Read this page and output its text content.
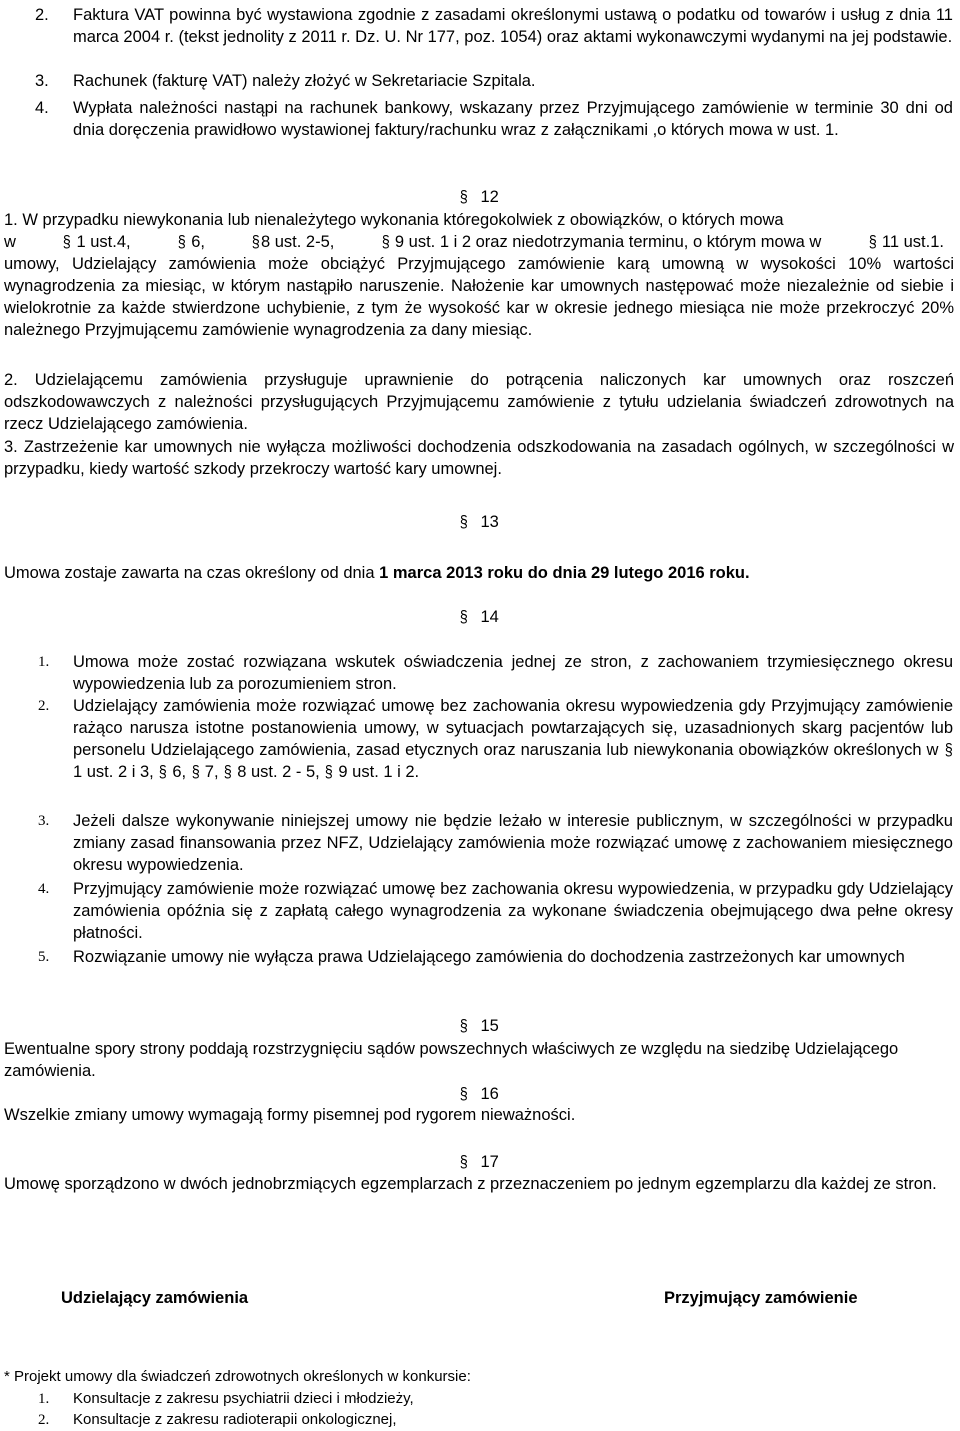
2. Faktura VAT powinna być wystawiona zgodnie z zasadami określonymi ustawą o podatku od towarów i usług z dnia 11 marca 2004 r. (tekst jednolity z 2011 r. Dz. U. Nr 177, poz. 1054) oraz aktami wykonawczymi wydanymi na jej podstawie.
3. Rachunek (fakturę VAT) należy złożyć w Sekretariacie Szpitala.
4. Wypłata należności nastąpi na rachunek bankowy, wskazany przez Przyjmującego zamówienie w terminie 30 dni od dnia doręczenia prawidłowo wystawionej faktury/rachunku wraz z załącznikami ,o których mowa w ust. 1.
§ 12
1. W przypadku niewykonania lub nienależytego wykonania któregokolwiek z obowiązków, o których mowa
w	§ 1 ust.4,	§ 6,	§8 ust. 2-5,	§ 9 ust. 1 i 2 oraz niedotrzymania terminu, o którym mowa w	§ 11 ust.1.
umowy, Udzielający zamówienia może obciążyć Przyjmującego zamówienie karą umowną w wysokości 10% wartości wynagrodzenia za miesiąc, w którym nastąpiło naruszenie. Nałożenie kar umownych następować może niezależnie od siebie i wielokrotnie za każde stwierdzone uchybienie, z tym że wysokość kar w okresie jednego miesiąca nie może przekroczyć 20% należnego Przyjmującemu zamówienie wynagrodzenia za dany miesiąc.
2. Udzielającemu zamówienia przysługuje uprawnienie do potrącenia naliczonych kar umownych oraz roszczeń odszkodowawczych z należności przysługujących Przyjmującemu zamówienie z tytułu udzielania świadczeń zdrowotnych na rzecz Udzielającego zamówienia.
3. Zastrzeżenie kar umownych nie wyłącza możliwości dochodzenia odszkodowania na zasadach ogólnych, w szczególności w przypadku, kiedy wartość szkody przekroczy wartość kary umownej.
§ 13
Umowa zostaje zawarta na czas określony od dnia 1 marca 2013 roku do dnia 29 lutego 2016 roku.
§ 14
1. Umowa może zostać rozwiązana wskutek oświadczenia jednej ze stron, z zachowaniem trzymiesięcznego okresu wypowiedzenia lub za porozumieniem stron.
2. Udzielający zamówienia może rozwiązać umowę bez zachowania okresu wypowiedzenia gdy Przyjmujący zamówienie rażąco narusza istotne postanowienia umowy, w sytuacjach powtarzających się, uzasadnionych skarg pacjentów lub personelu Udzielającego zamówienia, zasad etycznych oraz naruszania lub niewykonania obowiązków określonych w § 1 ust. 2 i 3, § 6, § 7, § 8 ust. 2 - 5, § 9 ust. 1 i 2.
3. Jeżeli dalsze wykonywanie niniejszej umowy nie będzie leżało w interesie publicznym, w szczególności w przypadku zmiany zasad finansowania przez NFZ, Udzielający zamówienia może rozwiązać umowę z zachowaniem miesięcznego okresu wypowiedzenia.
4. Przyjmujący zamówienie może rozwiązać umowę bez zachowania okresu wypowiedzenia, w przypadku gdy Udzielający zamówienia opóźnia się z zapłatą całego wynagrodzenia za wykonane świadczenia obejmującego dwa pełne okresy płatności.
5. Rozwiązanie umowy nie wyłącza prawa Udzielającego zamówienia do dochodzenia zastrzeżonych kar umownych
§ 15
Ewentualne spory strony poddają rozstrzygnięciu sądów powszechnych właściwych ze względu na siedzibę Udzielającego zamówienia.
§ 16
Wszelkie zmiany umowy wymagają formy pisemnej pod rygorem nieważności.
§ 17
Umowę sporządzono w dwóch jednobrzmiących egzemplarzach z przeznaczeniem po jednym egzemplarzu dla każdej ze stron.
Udzielający zamówienia	Przyjmujący zamówienie
* Projekt umowy dla świadczeń zdrowotnych określonych w konkursie:
1. Konsultacje z zakresu psychiatrii dzieci i młodzieży,
2. Konsultacje z zakresu radioterapii onkologicznej,
